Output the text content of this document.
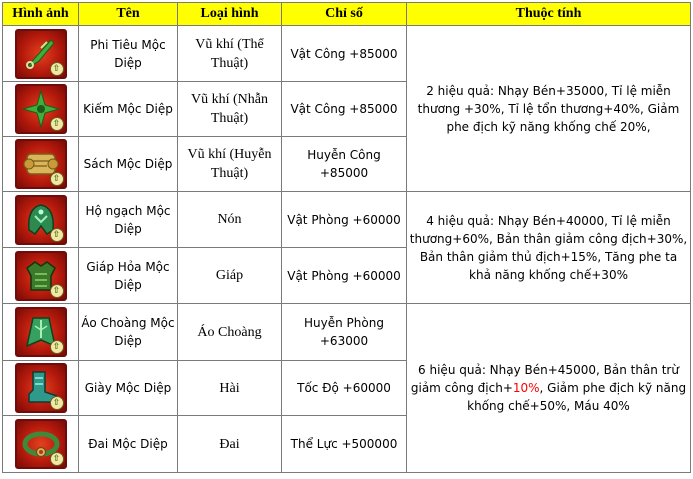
Hình ảnh	Tên	Loại hình	Chỉ số	Thuộc tính

⇧	Phi Tiêu Mộc Diệp	Vũ khí (Thể Thuật)	Vật Công +85000	2 hiệu quả: Nhạy Bén+35000, Tỉ lệ miễn thương +30%, Tỉ lệ tổn thương+40%, Giảm phe địch kỹ năng khống chế 20%,

⇧	Kiếm Mộc Diệp	Vũ khí (Nhẫn Thuật)	Vật Công +85000	

⇧	Sách Mộc Diệp	Vũ khí (Huyễn Thuật)	Huyễn Công +85000	

⇧	Hộ ngạch Mộc Diệp	Nón	Vật Phòng +60000	4 hiệu quả: Nhạy Bén+40000, Tỉ lệ miễn thương+60%, Bản thân giảm công địch+30%, Bản thân giảm thủ địch+15%, Tăng phe ta khả năng khống chế+30%

⇧	Giáp Hỏa Mộc Diệp	Giáp	Vật Phòng +60000	

⇧	Áo Choàng Mộc Diệp	Áo Choàng	Huyễn Phòng +63000	6 hiệu quả: Nhạy Bén+45000, Bản thân trừ giảm công địch+10%, Giảm phe địch kỹ năng khống chế+50%, Máu 40%

⇧	Giày Mộc Diệp	Hài	Tốc Độ +60000	

⇧	Đai Mộc Diệp	Đai	Thể Lực +500000	
